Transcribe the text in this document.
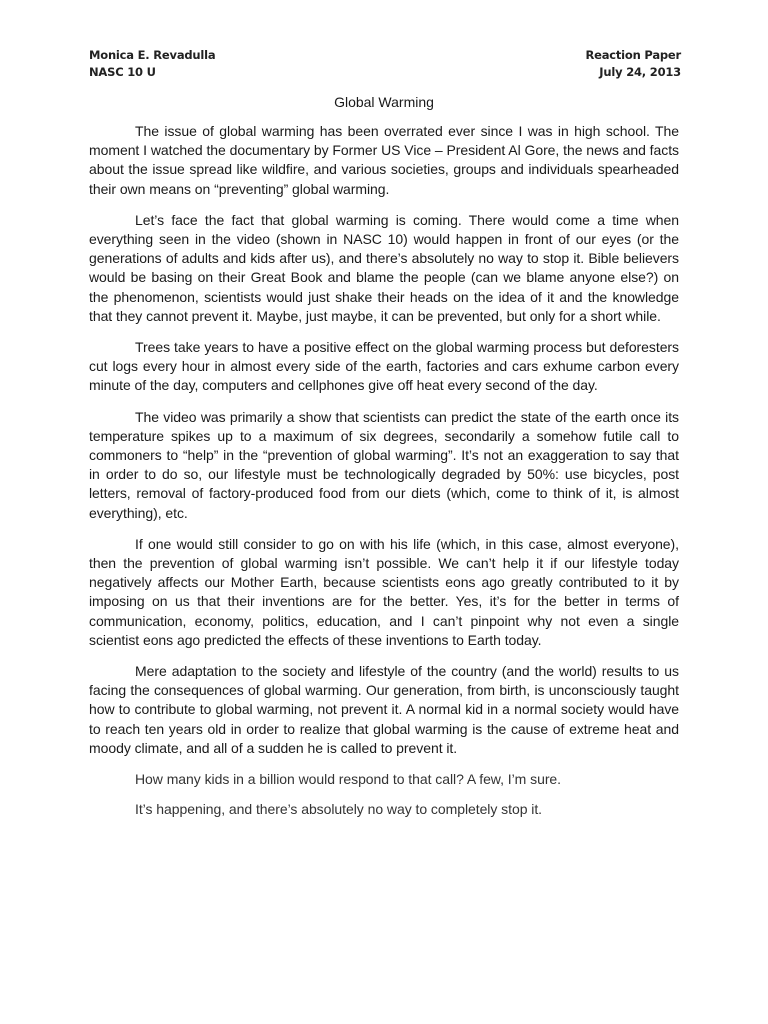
Monica E. Revadulla
NASC 10 U
Reaction Paper
July 24, 2013
Global Warming

The issue of global warming has been overrated ever since I was in high school. The moment I watched the documentary by Former US Vice – President Al Gore, the news and facts about the issue spread like wildfire, and various societies, groups and individuals spearheaded their own means on “preventing” global warming.

Let’s face the fact that global warming is coming. There would come a time when everything seen in the video (shown in NASC 10) would happen in front of our eyes (or the generations of adults and kids after us), and there’s absolutely no way to stop it. Bible believers would be basing on their Great Book and blame the people (can we blame anyone else?) on the phenomenon, scientists would just shake their heads on the idea of it and the knowledge that they cannot prevent it. Maybe, just maybe, it can be prevented, but only for a short while.

Trees take years to have a positive effect on the global warming process but deforesters cut logs every hour in almost every side of the earth, factories and cars exhume carbon every minute of the day, computers and cellphones give off heat every second of the day.

The video was primarily a show that scientists can predict the state of the earth once its temperature spikes up to a maximum of six degrees, secondarily a somehow futile call to commoners to “help” in the “prevention of global warming”. It’s not an exaggeration to say that in order to do so, our lifestyle must be technologically degraded by 50%: use bicycles, post letters, removal of factory-produced food from our diets (which, come to think of it, is almost everything), etc.

If one would still consider to go on with his life (which, in this case, almost everyone), then the prevention of global warming isn’t possible. We can’t help it if our lifestyle today negatively affects our Mother Earth, because scientists eons ago greatly contributed to it by imposing on us that their inventions are for the better. Yes, it’s for the better in terms of communication, economy, politics, education, and I can’t pinpoint why not even a single scientist eons ago predicted the effects of these inventions to Earth today.

Mere adaptation to the society and lifestyle of the country (and the world) results to us facing the consequences of global warming. Our generation, from birth, is unconsciously taught how to contribute to global warming, not prevent it. A normal kid in a normal society would have to reach ten years old in order to realize that global warming is the cause of extreme heat and moody climate, and all of a sudden he is called to prevent it.

How many kids in a billion would respond to that call? A few, I’m sure.

It’s happening, and there’s absolutely no way to completely stop it.
